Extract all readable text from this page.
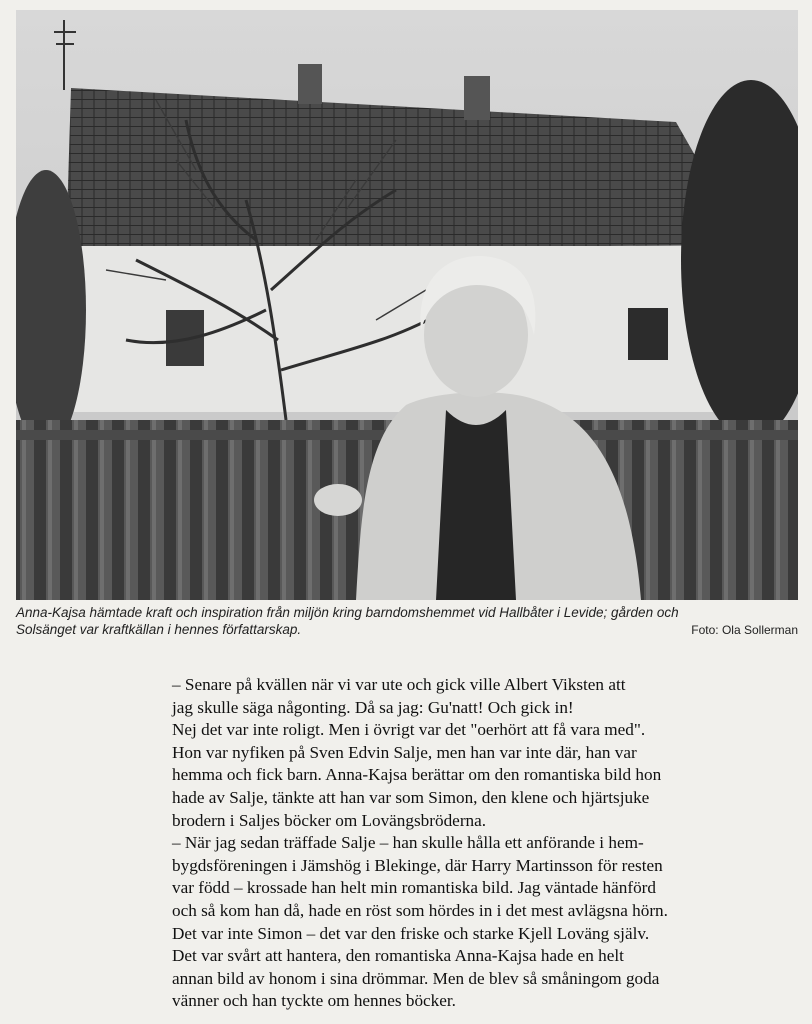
Anna-Kajsa hämtade kraft och inspiration från miljön kring barndomshemmet vid Hallbåter i Levide; gården och
Solsänget var kraftkällan i hennes författarskap.	Foto: Ola Sollerman
– Senare på kvällen när vi var ute och gick ville Albert Viksten att
jag skulle säga någonting. Då sa jag: Gu'natt! Och gick in!
Nej det var inte roligt. Men i övrigt var det "oerhört att få vara med".
Hon var nyfiken på Sven Edvin Salje, men han var inte där, han var
hemma och fick barn. Anna-Kajsa berättar om den romantiska bild hon
hade av Salje, tänkte att han var som Simon, den klene och hjärtsjuke
brodern i Saljes böcker om Lovängsbröderna.
– När jag sedan träffade Salje – han skulle hålla ett anförande i hem-
bygdsföreningen i Jämshög i Blekinge, där Harry Martinsson för resten
var född – krossade han helt min romantiska bild. Jag väntade hänförd
och så kom han då, hade en röst som hördes in i det mest avlägsna hörn.
Det var inte Simon – det var den friske och starke Kjell Loväng själv.
Det var svårt att hantera, den romantiska Anna-Kajsa hade en helt
annan bild av honom i sina drömmar. Men de blev så småningom goda
vänner och han tyckte om hennes böcker.
